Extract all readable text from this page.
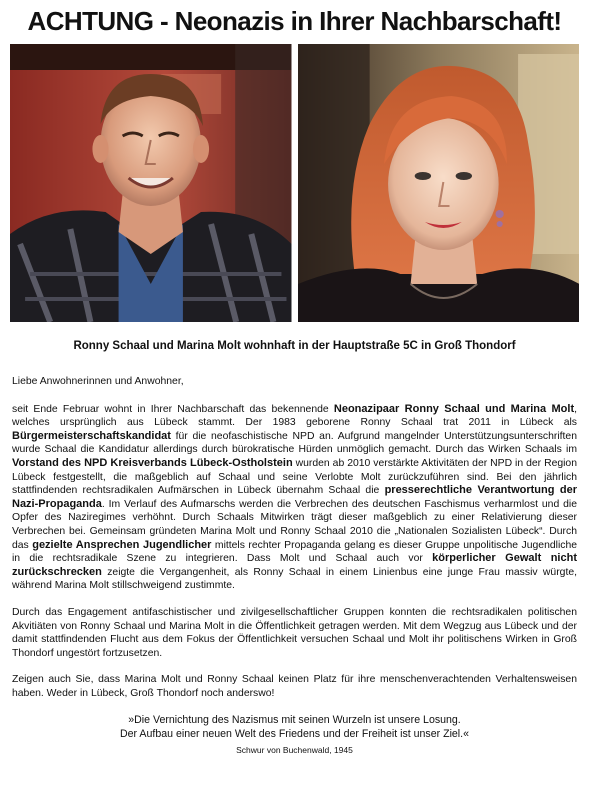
ACHTUNG - Neonazis in Ihrer Nachbarschaft!
Ronny Schaal und Marina Molt wohnhaft in der Hauptstraße 5C in Groß Thondorf

Liebe Anwohnerinnen und Anwohner,

seit Ende Februar wohnt in Ihrer Nachbarschaft das bekennende Neonazipaar Ronny Schaal und Marina Molt, welches ursprünglich aus Lübeck stammt. Der 1983 geborene Ronny Schaal trat 2011 in Lübeck als Bürgermeisterschaftskandidat für die neofaschistische NPD an. Aufgrund mangelnder Unterstützungsunterschriften wurde Schaal die Kandidatur allerdings durch bürokratische Hürden unmöglich gemacht. Durch das Wirken Schaals im Vorstand des NPD Kreisverbands Lübeck-Ostholstein wurden ab 2010 verstärkte Aktivitäten der NPD in der Region Lübeck festgestellt, die maßgeblich auf Schaal und seine Verlobte Molt zurückzuführen sind. Bei den jährlich stattfindenden rechtsradikalen Aufmärschen in Lübeck übernahm Schaal die presserechtliche Verantwortung der Nazi-Propaganda. Im Verlauf des Aufmarschs werden die Verbrechen des deutschen Faschismus verharmlost und die Opfer des Naziregimes verhöhnt. Durch Schaals Mitwirken trägt dieser maßgeblich zu einer Relativierung dieser Verbrechen bei. Gemeinsam gründeten Marina Molt und Ronny Schaal 2010 die „Nationalen Sozialisten Lübeck“. Durch das gezielte Ansprechen Jugendlicher mittels rechter Propaganda gelang es dieser Gruppe unpolitische Jugendliche in die rechtsradikale Szene zu integrieren. Dass Molt und Schaal auch vor körperlicher Gewalt nicht zurückschrecken zeigte die Vergangenheit, als Ronny Schaal in einem Linienbus eine junge Frau massiv würgte, während Marina Molt stillschweigend zustimmte.

Durch das Engagement antifaschistischer und zivilgesellschaftlicher Gruppen konnten die rechtsradikalen politischen Akvitiäten von Ronny Schaal und Marina Molt in die Öffentlichkeit getragen werden. Mit dem Wegzug aus Lübeck und der damit stattfindenden Flucht aus dem Fokus der Öffentlichkeit versuchen Schaal und Molt ihr politischens Wirken in Groß Thondorf ungestört fortzusetzen.

Zeigen auch Sie, dass Marina Molt und Ronny Schaal keinen Platz für ihre menschenverachtenden Verhaltensweisen haben. Weder in Lübeck, Groß Thondorf noch anderswo!

»Die Vernichtung des Nazismus mit seinen Wurzeln ist unsere Losung.
Der Aufbau einer neuen Welt des Friedens und der Freiheit ist unser Ziel.«
Schwur von Buchenwald, 1945
